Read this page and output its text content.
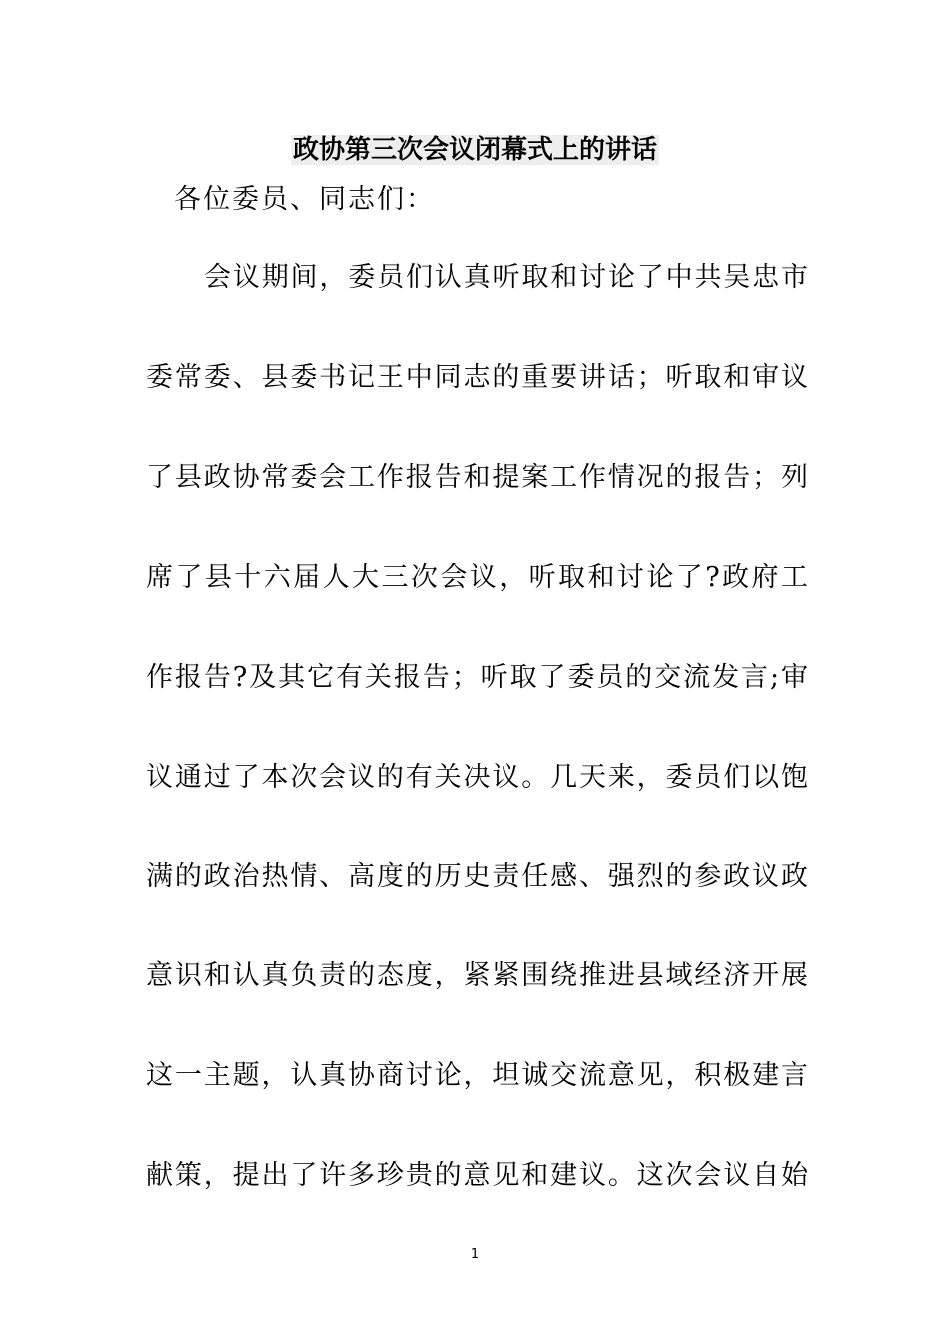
政协第三次会议闭幕式上的讲话

各位委员、同志们：

会议期间，委员们认真听取和讨论了中共吴忠市

委常委、县委书记王中同志的重要讲话；听取和审议

了县政协常委会工作报告和提案工作情况的报告；列

席了县十六届人大三次会议，听取和讨论了?政府工

作报告?及其它有关报告；听取了委员的交流发言;审

议通过了本次会议的有关决议。几天来，委员们以饱

满的政治热情、高度的历史责任感、强烈的参政议政

意识和认真负责的态度，紧紧围绕推进县域经济开展

这一主题，认真协商讨论，坦诚交流意见，积极建言

献策，提出了许多珍贵的意见和建议。这次会议自始

1
